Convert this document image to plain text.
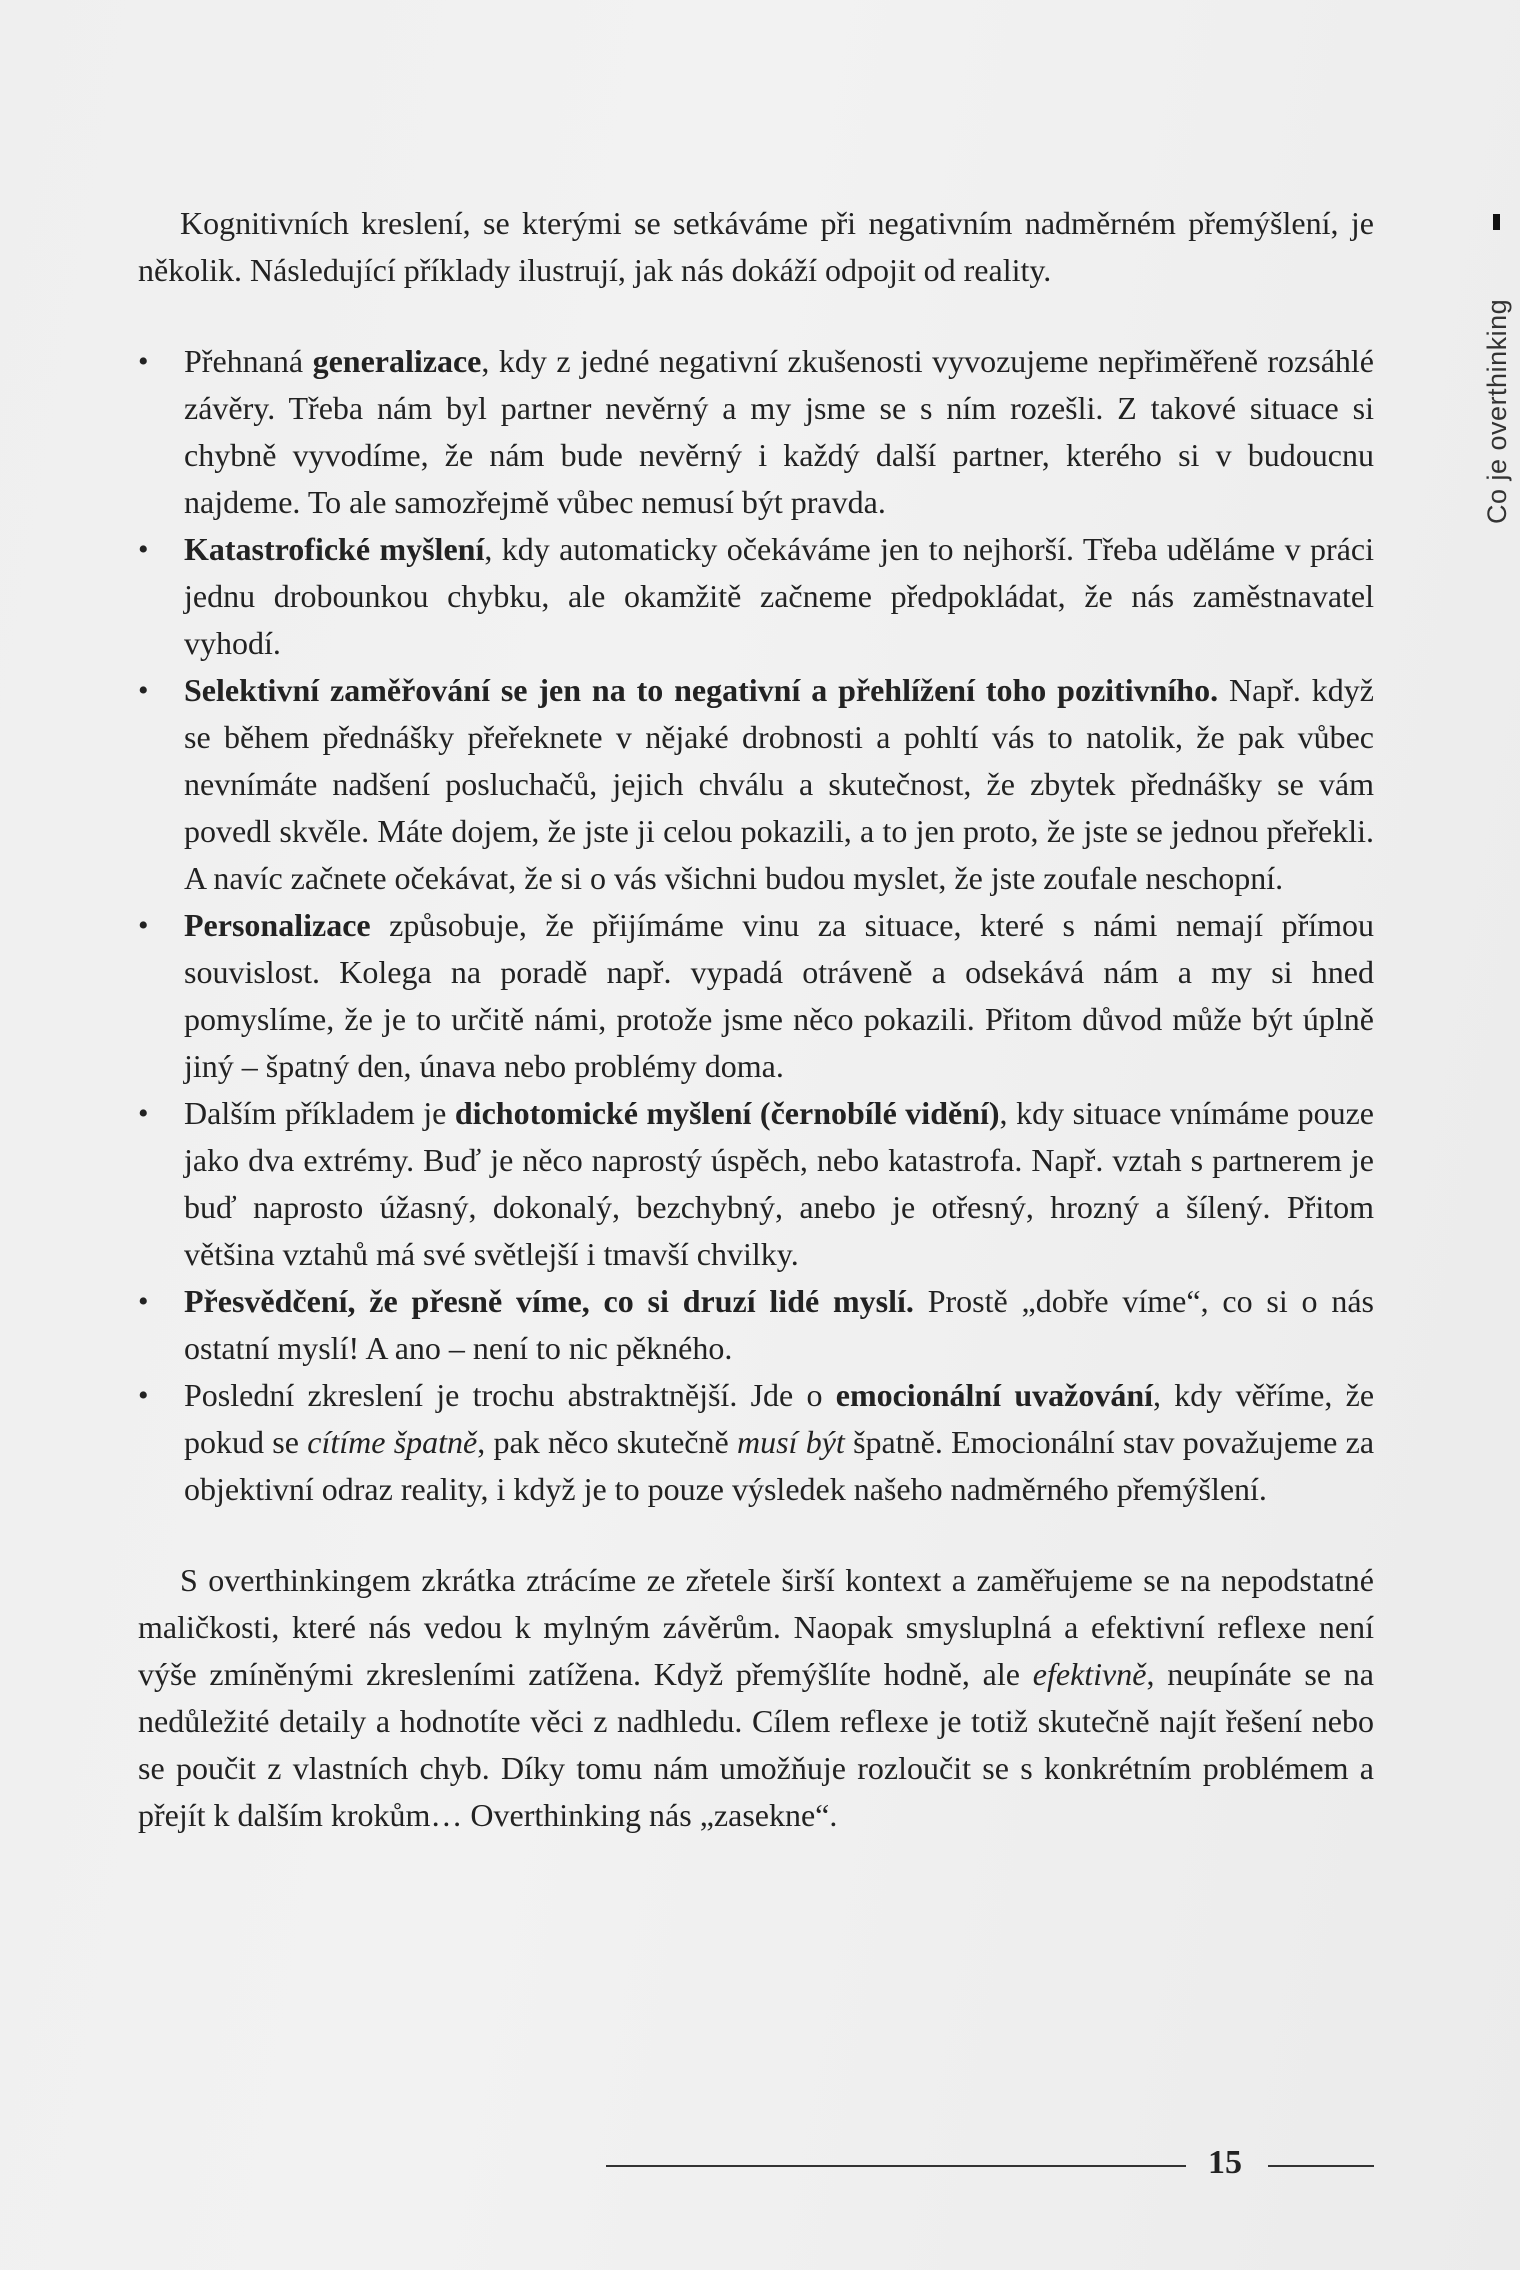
Co je overthinking

Kognitivních kreslení, se kterými se setkáváme při negativním nadměrném přemýšlení, je několik. Následující příklady ilustrují, jak nás dokáží odpojit od reality.

• Přehnaná generalizace, kdy z jedné negativní zkušenosti vyvozujeme nepřiměřeně rozsáhlé závěry. Třeba nám byl partner nevěrný a my jsme se s ním rozešli. Z takové situace si chybně vyvodíme, že nám bude nevěrný i každý další partner, kterého si v budoucnu najdeme. To ale samozřejmě vůbec nemusí být pravda.
• Katastrofické myšlení, kdy automaticky očekáváme jen to nejhorší. Třeba uděláme v práci jednu drobounkou chybku, ale okamžitě začneme předpokládat, že nás zaměstnavatel vyhodí.
• Selektivní zaměřování se jen na to negativní a přehlížení toho pozitivního. Např. když se během přednášky přeřeknete v nějaké drobnosti a pohltí vás to natolik, že pak vůbec nevnímáte nadšení posluchačů, jejich chválu a skutečnost, že zbytek přednášky se vám povedl skvěle. Máte dojem, že jste ji celou pokazili, a to jen proto, že jste se jednou přeřekli. A navíc začnete očekávat, že si o vás všichni budou myslet, že jste zoufale neschopní.
• Personalizace způsobuje, že přijímáme vinu za situace, které s námi nemají přímou souvislost. Kolega na poradě např. vypadá otráveně a odsekává nám a my si hned pomyslíme, že je to určitě námi, protože jsme něco pokazili. Přitom důvod může být úplně jiný – špatný den, únava nebo problémy doma.
• Dalším příkladem je dichotomické myšlení (černobílé vidění), kdy situace vnímáme pouze jako dva extrémy. Buď je něco naprostý úspěch, nebo katastrofa. Např. vztah s partnerem je buď naprosto úžasný, dokonalý, bezchybný, anebo je otřesný, hrozný a šílený. Přitom většina vztahů má své světlejší i tmavší chvilky.
• Přesvědčení, že přesně víme, co si druzí lidé myslí. Prostě „dobře víme“, co si o nás ostatní myslí! A ano – není to nic pěkného.
• Poslední zkreslení je trochu abstraktnější. Jde o emocionální uvažování, kdy věříme, že pokud se cítíme špatně, pak něco skutečně musí být špatně. Emocionální stav považujeme za objektivní odraz reality, i když je to pouze výsledek našeho nadměrného přemýšlení.

S overthinkingem zkrátka ztrácíme ze zřetele širší kontext a zaměřujeme se na nepodstatné maličkosti, které nás vedou k mylným závěrům. Naopak smysluplná a efektivní reflexe není výše zmíněnými zkresleními zatížena. Když přemýšlíte hodně, ale efektivně, neupínáte se na nedůležité detaily a hodnotíte věci z nadhledu. Cílem reflexe je totiž skutečně najít řešení nebo se poučit z vlastních chyb. Díky tomu nám umožňuje rozloučit se s konkrétním problémem a přejít k dalším krokům… Overthinking nás „zasekne“.

15
